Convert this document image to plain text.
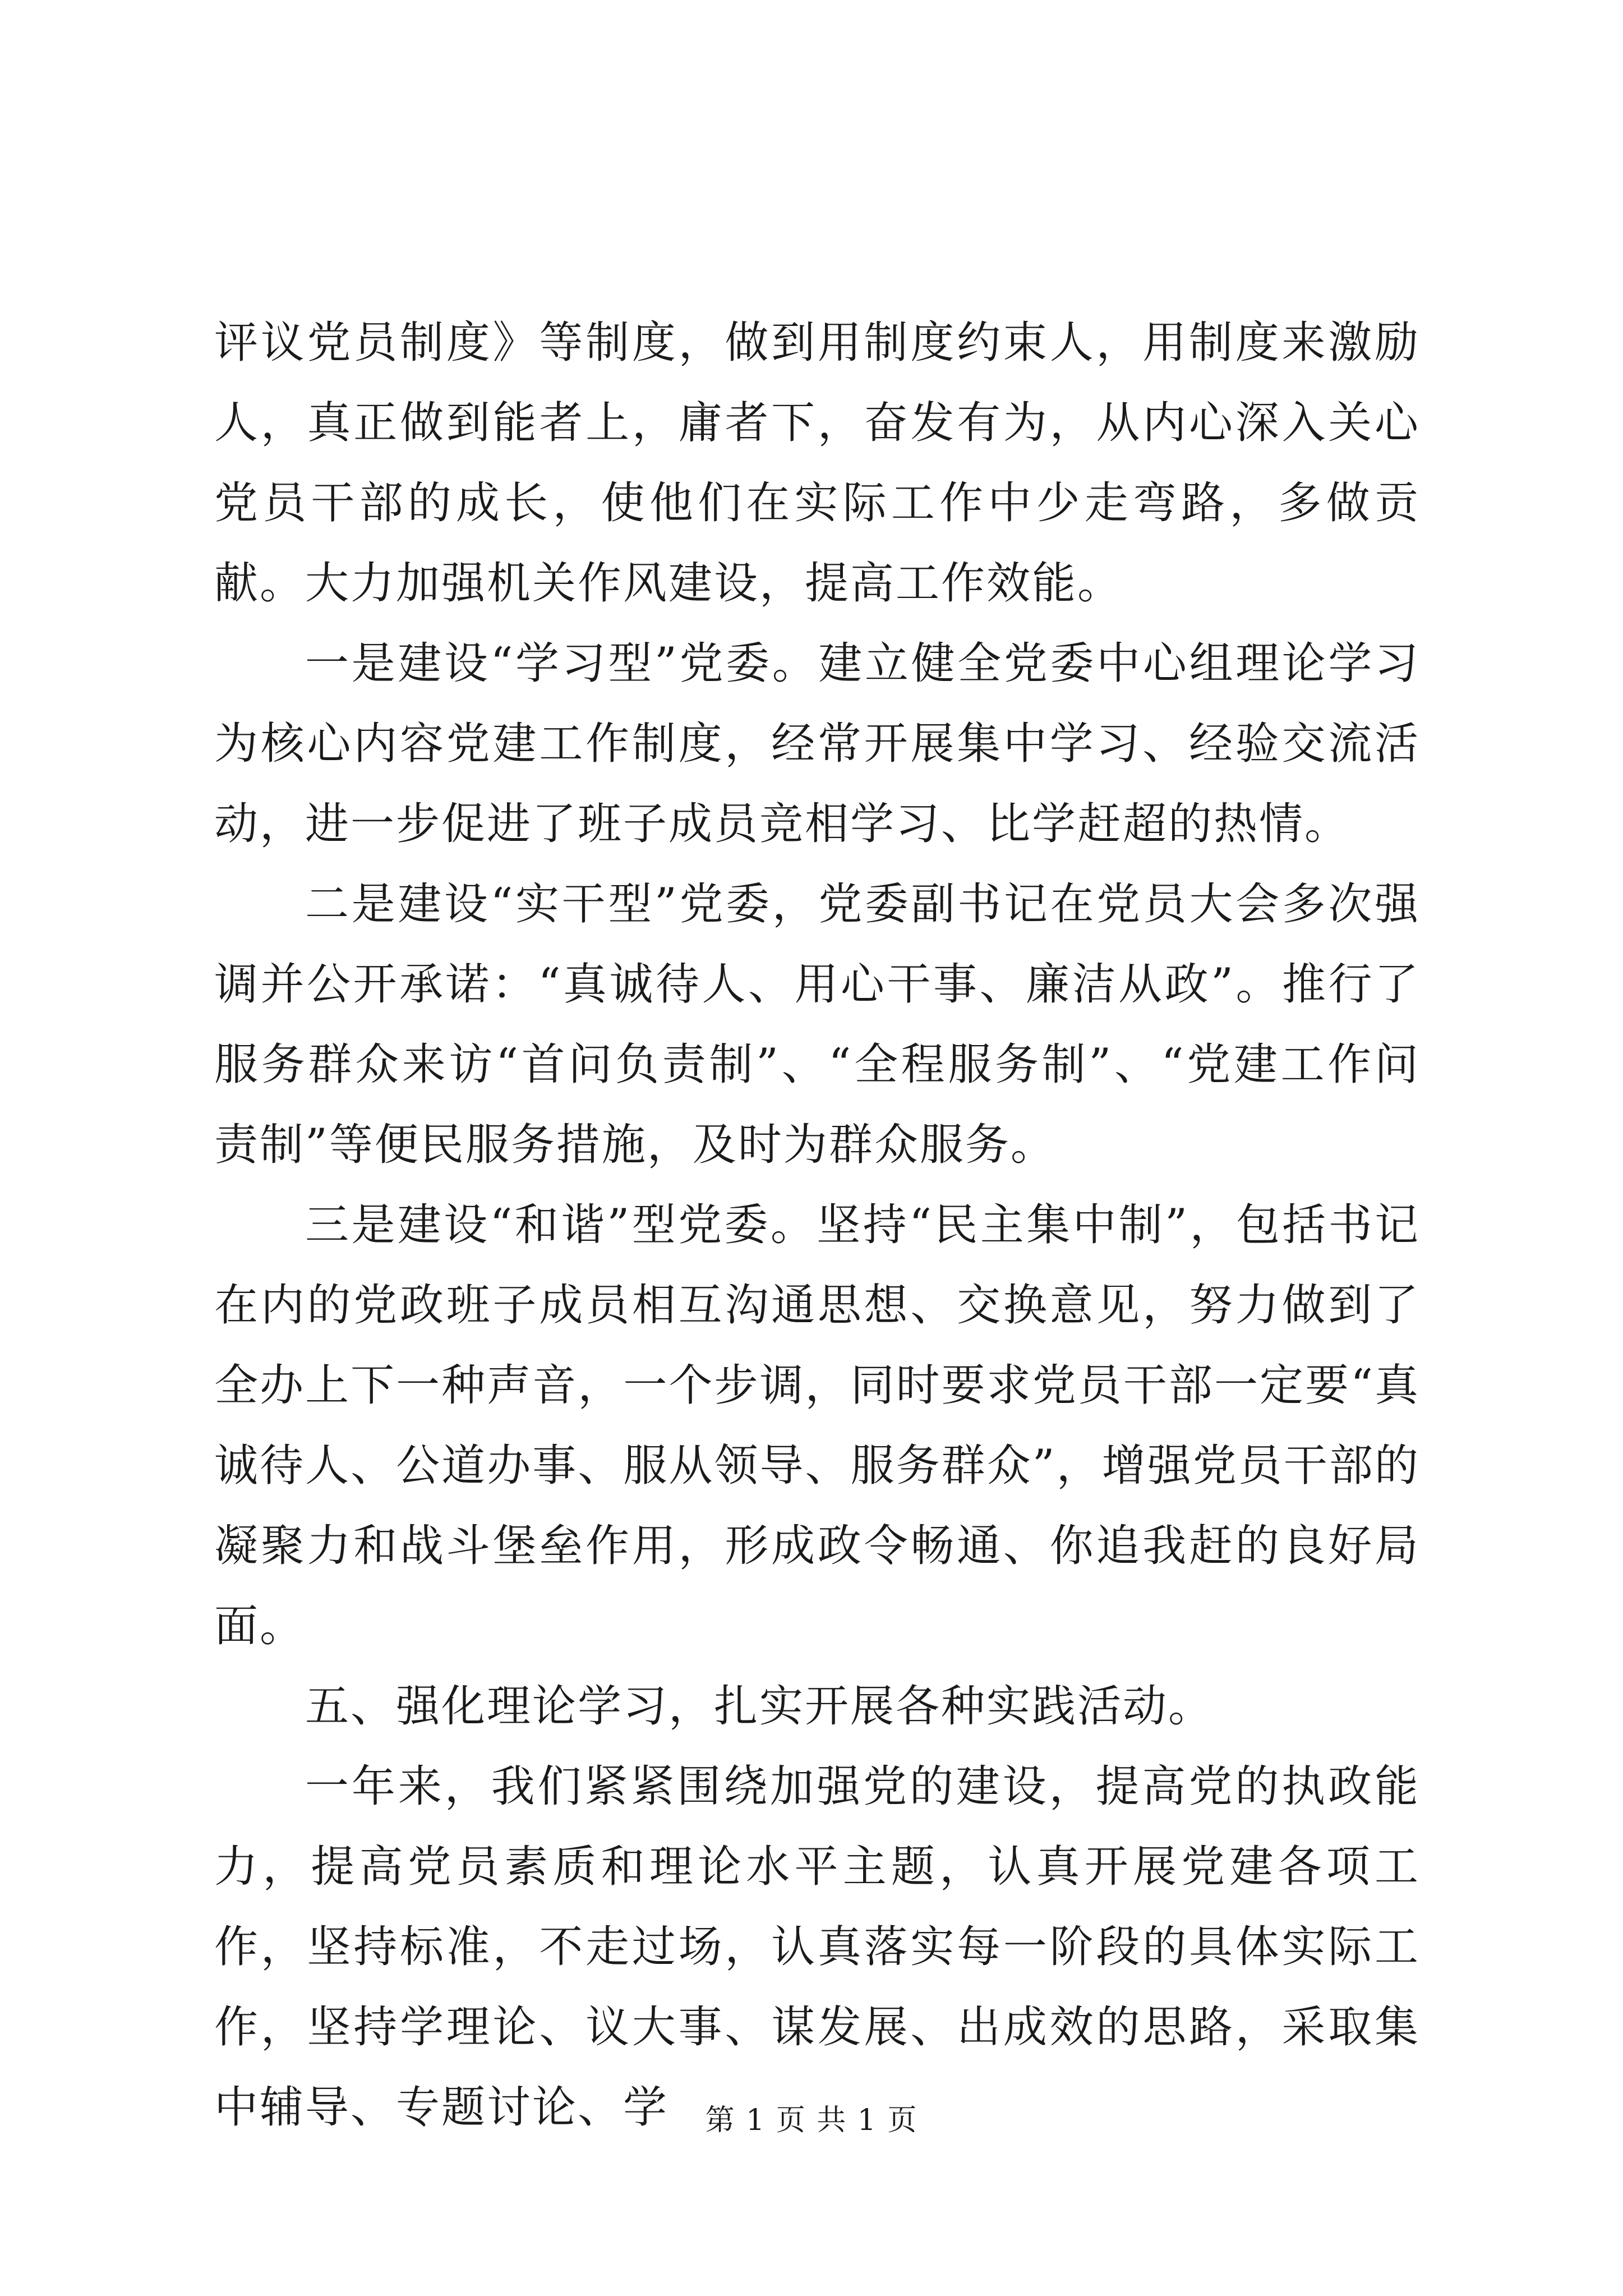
评议党员制度》等制度，做到用制度约束人，用制度来激励人，真正做到能者上，庸者下，奋发有为，从内心深入关心党员干部的成长，使他们在实际工作中少走弯路，多做贡献。大力加强机关作风建设，提高工作效能。

一是建设“学习型”党委。建立健全党委中心组理论学习为核心内容党建工作制度，经常开展集中学习、经验交流活动，进一步促进了班子成员竞相学习、比学赶超的热情。

二是建设“实干型”党委，党委副书记在党员大会多次强调并公开承诺：“真诚待人、用心干事、廉洁从政”。推行了服务群众来访“首问负责制”、“全程服务制”、“党建工作问责制”等便民服务措施，及时为群众服务。

三是建设“和谐”型党委。坚持“民主集中制”，包括书记在内的党政班子成员相互沟通思想、交换意见，努力做到了全办上下一种声音，一个步调，同时要求党员干部一定要“真诚待人、公道办事、服从领导、服务群众”，增强党员干部的凝聚力和战斗堡垒作用，形成政令畅通、你追我赶的良好局面。

五、强化理论学习，扎实开展各种实践活动。

一年来，我们紧紧围绕加强党的建设，提高党的执政能力，提高党员素质和理论水平主题，认真开展党建各项工作，坚持标准，不走过场，认真落实每一阶段的具体实际工作，坚持学理论、议大事、谋发展、出成效的思路，采取集中辅导、专题讨论、学	第 1 页 共 1 页
